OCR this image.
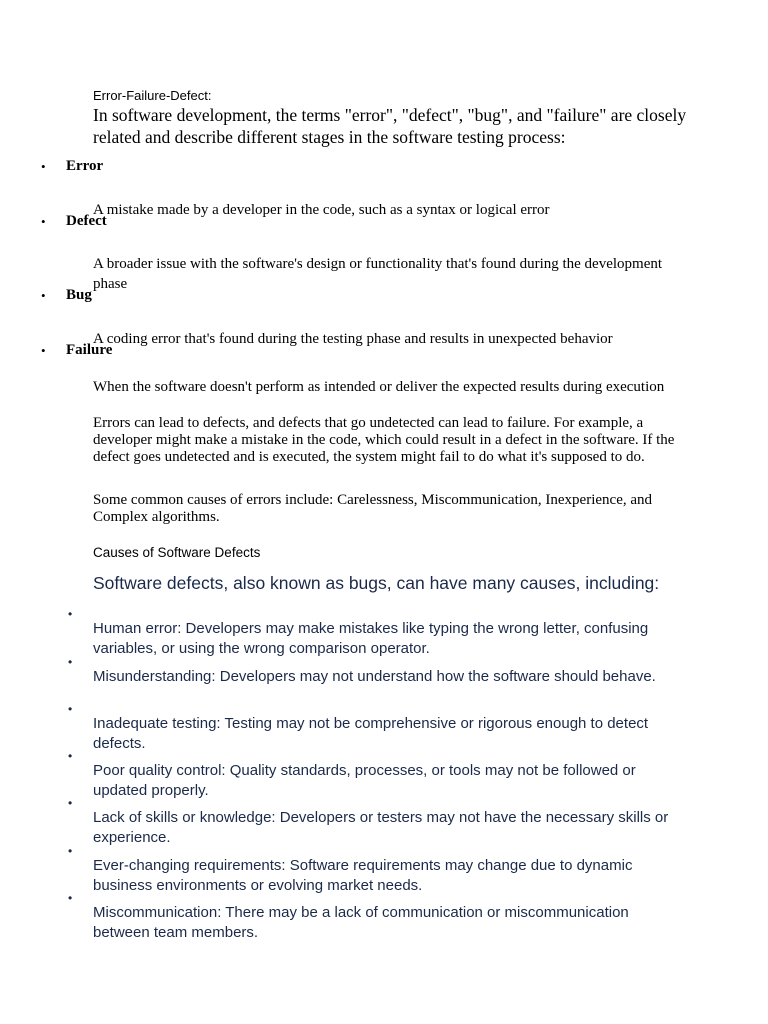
Error-Failure-Defect:

In software development, the terms "error", "defect", "bug", and "failure" are closely related and describe different stages in the software testing process:

• Error

A mistake made by a developer in the code, such as a syntax or logical error

• Defect

A broader issue with the software's design or functionality that's found during the development phase

• Bug

A coding error that's found during the testing phase and results in unexpected behavior

• Failure

When the software doesn't perform as intended or deliver the expected results during execution

Errors can lead to defects, and defects that go undetected can lead to failure. For example, a developer might make a mistake in the code, which could result in a defect in the software. If the defect goes undetected and is executed, the system might fail to do what it's supposed to do.

Some common causes of errors include: Carelessness, Miscommunication, Inexperience, and Complex algorithms.

Causes of Software Defects

Software defects, also known as bugs, can have many causes, including:

•

Human error: Developers may make mistakes like typing the wrong letter, confusing variables, or using the wrong comparison operator.

•

Misunderstanding: Developers may not understand how the software should behave.

•

Inadequate testing: Testing may not be comprehensive or rigorous enough to detect defects.

•

Poor quality control: Quality standards, processes, or tools may not be followed or updated properly.

•

Lack of skills or knowledge: Developers or testers may not have the necessary skills or experience.

•

Ever-changing requirements: Software requirements may change due to dynamic business environments or evolving market needs.

•

Miscommunication: There may be a lack of communication or miscommunication between team members.
